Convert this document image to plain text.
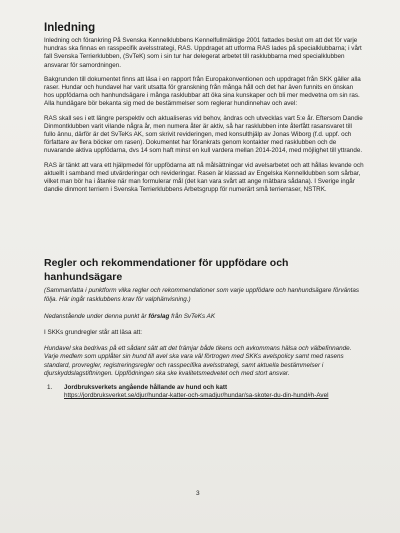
Inledning

Inledning och förankring På Svenska Kennelklubbens Kennelfullmäktige 2001 fattades beslut om att det för varje hundras ska finnas en rasspecifik avelsstrategi, RAS. Uppdraget att utforma RAS lades på specialklubbarna; i vårt fall Svenska Terrierklubben, (SvTeK) som i sin tur har delegerat arbetet till rasklubbarna med specialklubben ansvarar för samordningen.

Bakgrunden till dokumentet finns att läsa i en rapport från Europakonventionen och uppdraget från SKK gäller alla raser. Hundar och hundavel har varit utsatta för granskning från många håll och det har även funnits en önskan hos uppfödarna och hanhundsägare i många rasklubbar att öka sina kunskaper och bli mer medvetna om sin ras. Alla hundägare bör bekanta sig med de bestämmelser som reglerar hundinnehav och avel:

RAS skall ses i ett längre perspektiv och aktualiseras vid behov, ändras och utvecklas vart 5:e år. Eftersom Dandie Dinmontklubben varit vilande några år, men numera åter är aktiv, så har rasklubben inte återfått rasansvaret till fullo ännu, därför är det SvTeKs AK, som skrivit revideringen, med konsulthjälp av Jonas Wiborg (f.d. uppf. och författare av flera böcker om rasen). Dokumentet har förankrats genom kontakter med rasklubben och de nuvarande aktiva uppfödarna, dvs 14 som haft minst en kull vardera mellan 2014-2014, med möjlighet till yttrande.

RAS är tänkt att vara ett hjälpmedel för uppfödarna att nå målsättningar vid avelsarbetet och att hållas levande och aktuellt i samband med utvärderingar och revideringar. Rasen är klassad av Engelska Kennelklubben som sårbar, vilket man bör ha i åtanke när man formulerar mål (det kan vara svårt att ange mätbara sådana). I Sverige ingår dandie dinmont terriern i Svenska Terrierklubbens Arbetsgrupp för numerärt små terrierraser, NSTRK.

Regler och rekommendationer för uppfödare och hanhundsägare

(Sammanfatta i punktform vilka regler och rekommendationer som varje uppfödare och hanhundsägare förväntas följa. Här ingår rasklubbens krav för valphänvisning.)

Nedanstående under denna punkt är förslag från SvTeKs AK

I SKKs grundregler står att läsa att:

Hundavel ska bedrivas på ett sådant sätt att det främjar både tikens och avkommans hälsa och välbefinnande. Varje medlem som upplåter sin hund till avel ska vara väl förtrogen med SKKs avelspolicy samt med rasens standard, provregler, registreringsregler och rasspecifika avelsstrategi, samt aktuella bestämmelser i djurskyddslagstiftningen. Uppfödningen ska ske kvalitetsmedvetet och med stort ansvar.

1.	Jordbruksverkets angående hållande av hund och katt
https://jordbruksverket.se/djur/hundar-katter-och-smadjur/hundar/sa-skoter-du-din-hund#h-Avel
3
